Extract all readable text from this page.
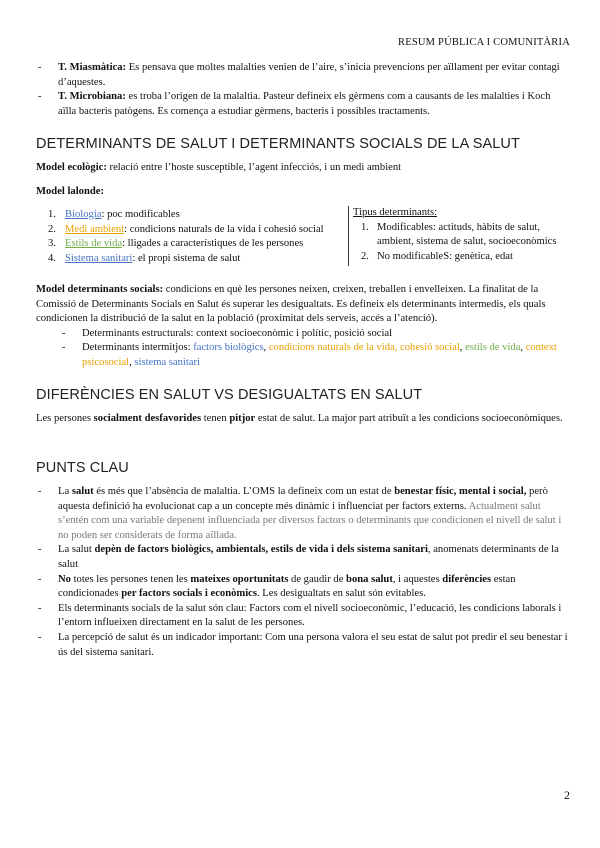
RESUM PÚBLICA I COMUNITÀRIA
- T. Miasmàtica: Es pensava que moltes malalties venien de l’aire, s’inicia prevencions per aïllament per evitar contagi d’aquestes.
- T. Microbiana: es troba l’origen de la malaltia. Pasteur defineix els gèrmens com a causants de les malalties i Koch aïlla bacteris patògens. Es comença a estudiar gèrmens, bacteris i possibles tractaments.
DETERMINANTS DE SALUT I DETERMINANTS SOCIALS DE LA SALUT

Model ecològic: relació entre l’hoste susceptible, l’agent infecciós, i un medi ambient

Model lalonde:

1. Biologia: poc modificables
2. Medi ambient: condicions naturals de la vida i cohesió social
3. Estils de vida: lligades a característiques de les persones
4. Sistema sanitari: el propi sistema de salut
Tipus determinants:
1. Modificables: actituds, hàbits de salut, ambient, sistema de salut, socioeconòmics
2. No modificableS: genètica, edat

Model determinants socials: condicions en què les persones neixen, creixen, treballen i envelleixen. La finalitat de la Comissió de Determinants Socials en Salut és superar les desigualtats. Es defineix els determinants intermedis, els quals condicionen la distribució de la salut en la població (proximitat dels serveis, accés a l’atenció).

- Determinants estructurals: context socioeconòmic i polític, posició social
- Determinants intermitjos: factors biològics, condicions naturals de la vida, cohesió social, estils de vida, context psicosocial, sistema sanitari
DIFERÈNCIES EN SALUT VS DESIGUALTATS EN SALUT

Les persones socialment desfavorides tenen pitjor estat de salut. La major part atribuït a les condicions socioeconòmiques.

PUNTS CLAU
- La salut és més que l’absència de malaltia. L’OMS la defineix com un estat de benestar físic, mental i social, però aquesta definició ha evolucionat cap a un concepte més dinàmic i influenciat per factors externs. Actualment salut s’entén com una variable depenent influenciada per diversos factors o determinants que condicionen el nivell de salut i no poden ser considerats de forma aïllada.
- La salut depèn de factors biològics, ambientals, estils de vida i dels sistema sanitari, anomenats determinants de la salut
- No totes les persones tenen les mateixes oportunitats de gaudir de bona salut, i aquestes diferències estan condicionades per factors socials i econòmics. Les desigualtats en salut són evitables.
- Els determinants socials de la salut són clau: Factors com el nivell socioeconòmic, l’educació, les condicions laborals i l’entorn influeixen directament en la salut de les persones.
- La percepció de salut és un indicador important: Com una persona valora el seu estat de salut pot predir el seu benestar i ús del sistema sanitari.
2
